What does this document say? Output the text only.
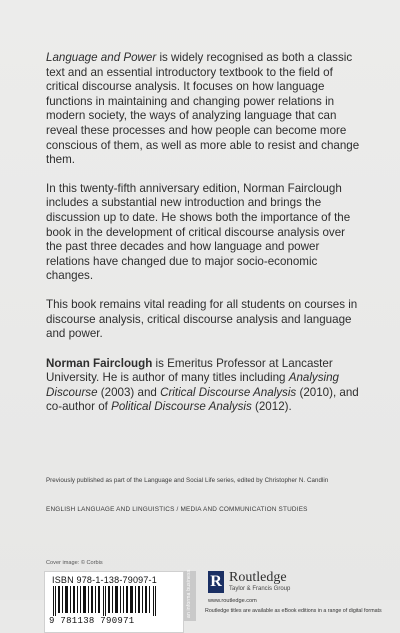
Language and Power is widely recognised as both a classic text and an essential introductory textbook to the field of critical discourse analysis. It focuses on how language functions in maintaining and changing power relations in modern society, the ways of analyzing language that can reveal these processes and how people can become more conscious of them, as well as more able to resist and change them.

In this twenty-fifth anniversary edition, Norman Fairclough includes a substantial new introduction and brings the discussion up to date. He shows both the importance of the book in the development of critical discourse analysis over the past three decades and how language and power relations have changed due to major socio-economic changes.

This book remains vital reading for all students on courses in discourse analysis, critical discourse analysis and language and power.

Norman Fairclough is Emeritus Professor at Lancaster University. He is author of many titles including Analysing Discourse (2003) and Critical Discourse Analysis (2010), and co-author of Political Discourse Analysis (2012).

Previously published as part of the Language and Social Life series, edited by Christopher N. Candlin
ENGLISH LANGUAGE AND LINGUISTICS / MEDIA AND COMMUNICATION STUDIES
Cover image: © Corbis
ISBN 978-1-138-79097-1
9 781138 790971
an informa business R Routledge
Taylor & Francis Group
www.routledge.com
Routledge titles are available as eBook editions in a range of digital formats
